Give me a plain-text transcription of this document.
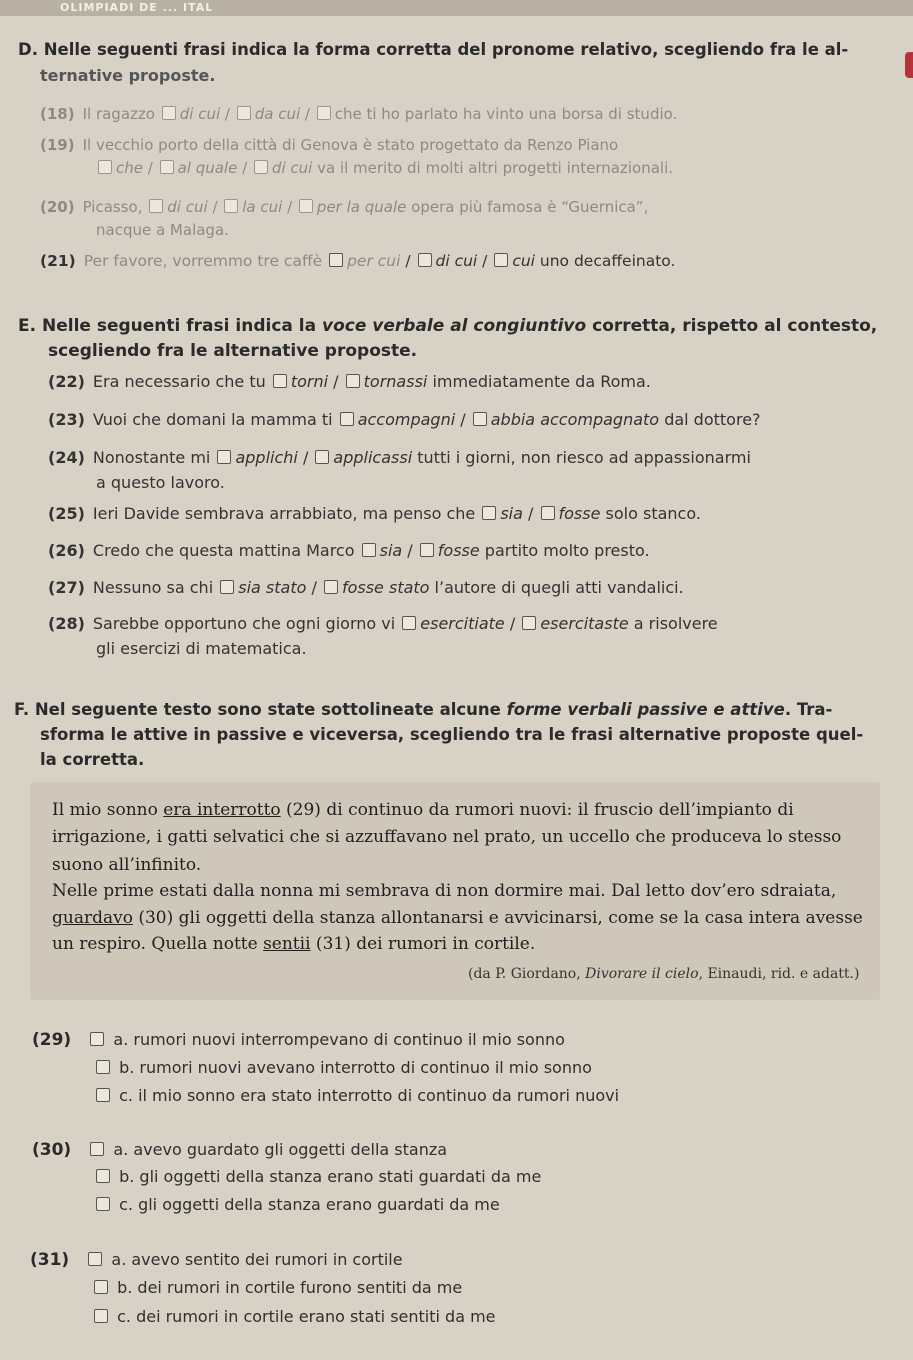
OLIMPIADI DE ... ITAL
D. Nelle seguenti frasi indica la forma corretta del pronome relativo, scegliendo fra le al-
ternative proposte.
(18) Il ragazzo di cui / da cui / che ti ho parlato ha vinto una borsa di studio.
(19) Il vecchio porto della città di Genova è stato progettato da Renzo Piano
che / al quale / di cui va il merito di molti altri progetti internazionali.
(20) Picasso, di cui / la cui / per la quale opera più famosa è “Guernica”,
nacque a Malaga.
(21) Per favore, vorremmo tre caffè per cui / di cui / cui uno decaffeinato.
E. Nelle seguenti frasi indica la voce verbale al congiuntivo corretta, rispetto al contesto,
scegliendo fra le alternative proposte.
(22) Era necessario che tu torni / tornassi immediatamente da Roma.
(23) Vuoi che domani la mamma ti accompagni / abbia accompagnato dal dottore?
(24) Nonostante mi applichi / applicassi tutti i giorni, non riesco ad appassionarmi
a questo lavoro.
(25) Ieri Davide sembrava arrabbiato, ma penso che sia / fosse solo stanco.
(26) Credo che questa mattina Marco sia / fosse partito molto presto.
(27) Nessuno sa chi sia stato / fosse stato l’autore di quegli atti vandalici.
(28) Sarebbe opportuno che ogni giorno vi esercitiate / esercitaste a risolvere
gli esercizi di matematica.
F. Nel seguente testo sono state sottolineate alcune forme verbali passive e attive. Tra-
sforma le attive in passive e viceversa, scegliendo tra le frasi alternative proposte quel-
la corretta.
Il mio sonno era interrotto (29) di continuo da rumori nuovi: il fruscio dell’impianto di
irrigazione, i gatti selvatici che si azzuffavano nel prato, un uccello che produceva lo stesso
suono all’infinito.
Nelle prime estati dalla nonna mi sembrava di non dormire mai. Dal letto dov’ero sdraiata,
guardavo (30) gli oggetti della stanza allontanarsi e avvicinarsi, come se la casa intera avesse
un respiro. Quella notte sentii (31) dei rumori in cortile.
(da P. Giordano, Divorare il cielo, Einaudi, rid. e adatt.)
(29)	a. rumori nuovi interrompevano di continuo il mio sonno
b. rumori nuovi avevano interrotto di continuo il mio sonno
c. il mio sonno era stato interrotto di continuo da rumori nuovi
(30)	a. avevo guardato gli oggetti della stanza
b. gli oggetti della stanza erano stati guardati da me
c. gli oggetti della stanza erano guardati da me
(31)	a. avevo sentito dei rumori in cortile
b. dei rumori in cortile furono sentiti da me
c. dei rumori in cortile erano stati sentiti da me
